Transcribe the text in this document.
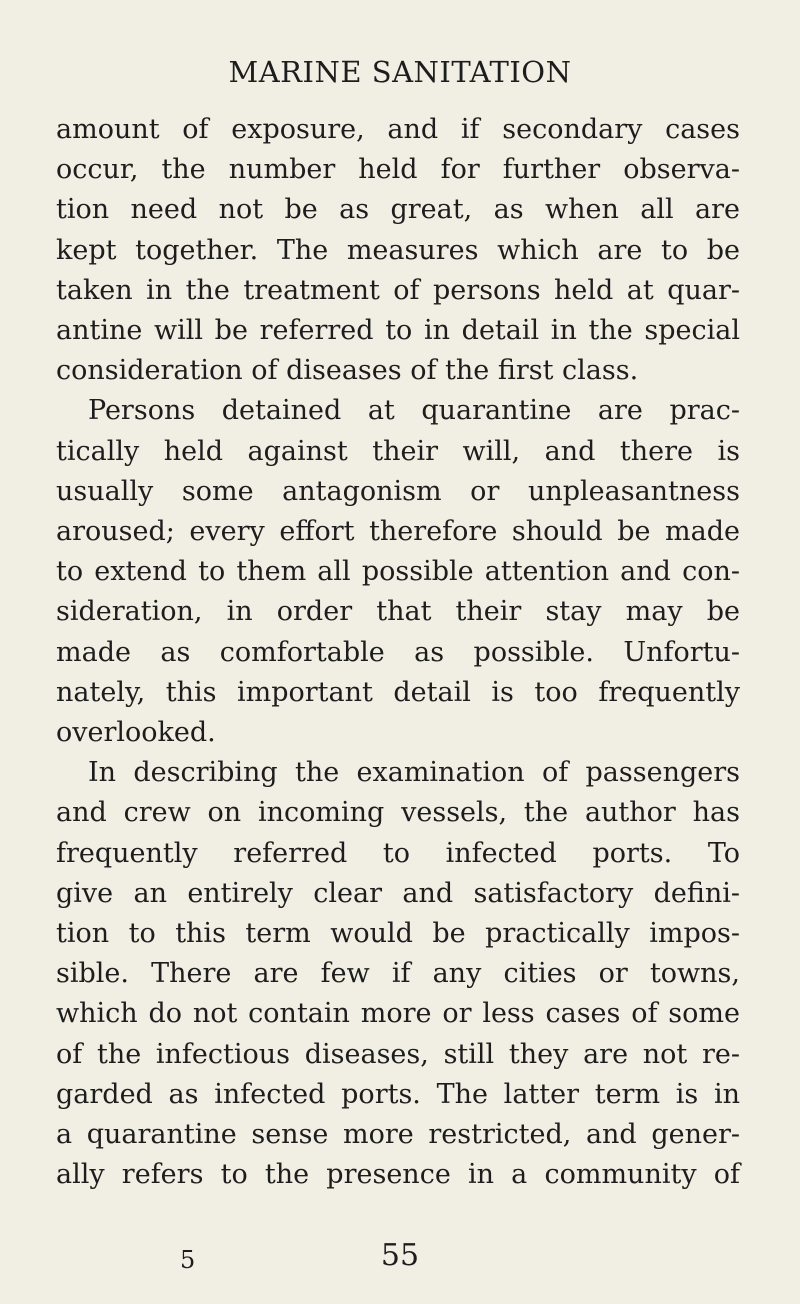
MARINE SANITATION
amount of exposure, and if secondary cases
occur, the number held for further observa-
tion need not be as great, as when all are
kept together. The measures which are to be
taken in the treatment of persons held at quar-
antine will be referred to in detail in the special
consideration of diseases of the first class.
Persons detained at quarantine are prac-
tically held against their will, and there is
usually some antagonism or unpleasantness
aroused; every effort therefore should be made
to extend to them all possible attention and con-
sideration, in order that their stay may be
made as comfortable as possible. Unfortu-
nately, this important detail is too frequently
overlooked.
In describing the examination of passengers
and crew on incoming vessels, the author has
frequently referred to infected ports. To
give an entirely clear and satisfactory defini-
tion to this term would be practically impos-
sible. There are few if any cities or towns,
which do not contain more or less cases of some
of the infectious diseases, still they are not re-
garded as infected ports. The latter term is in
a quarantine sense more restricted, and gener-
ally refers to the presence in a community of
5	55
